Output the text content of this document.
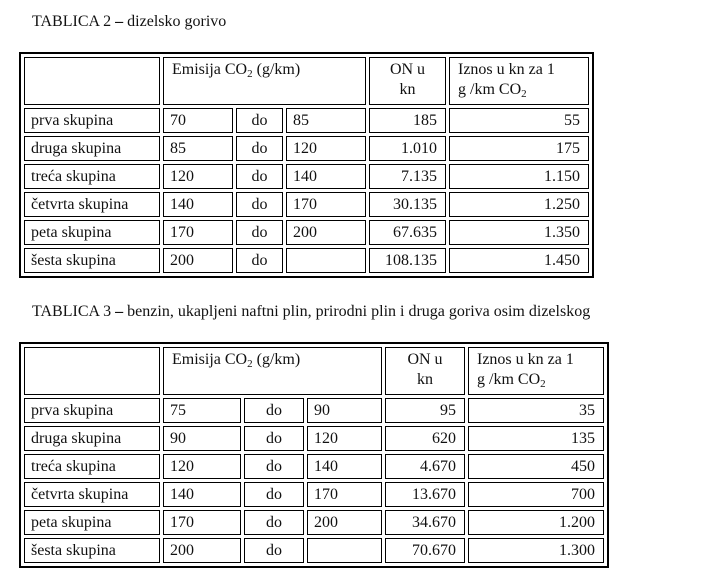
TABLICA 2 – dizelsko gorivo
	Emisija $CO_2$ (g/km)			ON u
kn	Iznos u kn za 1
g /km $CO_2$
prva skupina	70	do	85	185	55
druga skupina	85	do	120	1.010	175
treća skupina	120	do	140	7.135	1.150
četvrta skupina	140	do	170	30.135	1.250
peta skupina	170	do	200	67.635	1.350
šesta skupina	200	do		108.135	1.450
TABLICA 3 – benzin, ukapljeni naftni plin, prirodni plin i druga goriva osim dizelskog
	Emisija $CO_2$ (g/km)			ON u
kn	Iznos u kn za 1
g /km $CO_2$
prva skupina	75	do	90	95	35
druga skupina	90	do	120	620	135
treća skupina	120	do	140	4.670	450
četvrta skupina	140	do	170	13.670	700
peta skupina	170	do	200	34.670	1.200
šesta skupina	200	do		70.670	1.300
